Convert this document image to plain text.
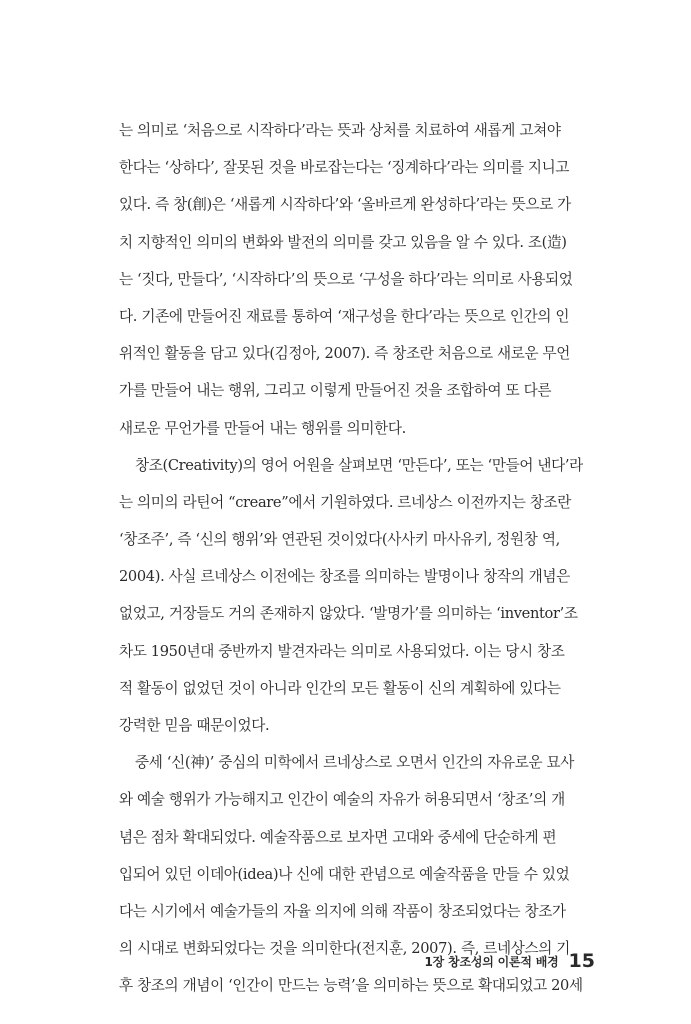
는 의미로 ‘처음으로 시작하다’라는 뜻과 상처를 치료하여 새롭게 고쳐야
한다는 ‘상하다’, 잘못된 것을 바로잡는다는 ‘징계하다’라는 의미를 지니고
있다. 즉 창(創)은 ‘새롭게 시작하다’와 ‘올바르게 완성하다’라는 뜻으로 가
치 지향적인 의미의 변화와 발전의 의미를 갖고 있음을 알 수 있다. 조(造)
는 ‘짓다, 만들다’, ‘시작하다’의 뜻으로 ‘구성을 하다’라는 의미로 사용되었
다. 기존에 만들어진 재료를 통하여 ‘재구성을 한다’라는 뜻으로 인간의 인
위적인 활동을 담고 있다(김정아, 2007). 즉 창조란 처음으로 새로운 무언
가를 만들어 내는 행위, 그리고 이렇게 만들어진 것을 조합하여 또 다른
새로운 무언가를 만들어 내는 행위를 의미한다.
창조(Creativity)의 영어 어원을 살펴보면 ‘만든다’, 또는 ‘만들어 낸다’라
는 의미의 라틴어 “creare”에서 기원하였다. 르네상스 이전까지는 창조란
‘창조주’, 즉 ‘신의 행위’와 연관된 것이었다(사사키 마사유키, 정원창 역,
2004). 사실 르네상스 이전에는 창조를 의미하는 발명이나 창작의 개념은
없었고, 거장들도 거의 존재하지 않았다. ‘발명가’를 의미하는 ‘inventor’조
차도 1950년대 중반까지 발견자라는 의미로 사용되었다. 이는 당시 창조
적 활동이 없었던 것이 아니라 인간의 모든 활동이 신의 계획하에 있다는
강력한 믿음 때문이었다.
중세 ‘신(神)’ 중심의 미학에서 르네상스로 오면서 인간의 자유로운 묘사
와 예술 행위가 가능해지고 인간이 예술의 자유가 허용되면서 ‘창조’의 개
념은 점차 확대되었다. 예술작품으로 보자면 고대와 중세에 단순하게 편
입되어 있던 이데아(idea)나 신에 대한 관념으로 예술작품을 만들 수 있었
다는 시기에서 예술가들의 자율 의지에 의해 작품이 창조되었다는 창조가
의 시대로 변화되었다는 것을 의미한다(전지훈, 2007). 즉, 르네상스의 기
후 창조의 개념이 ‘인간이 만드는 능력’을 의미하는 뜻으로 확대되었고 20세
1장 창조성의 이론적 배경 15
